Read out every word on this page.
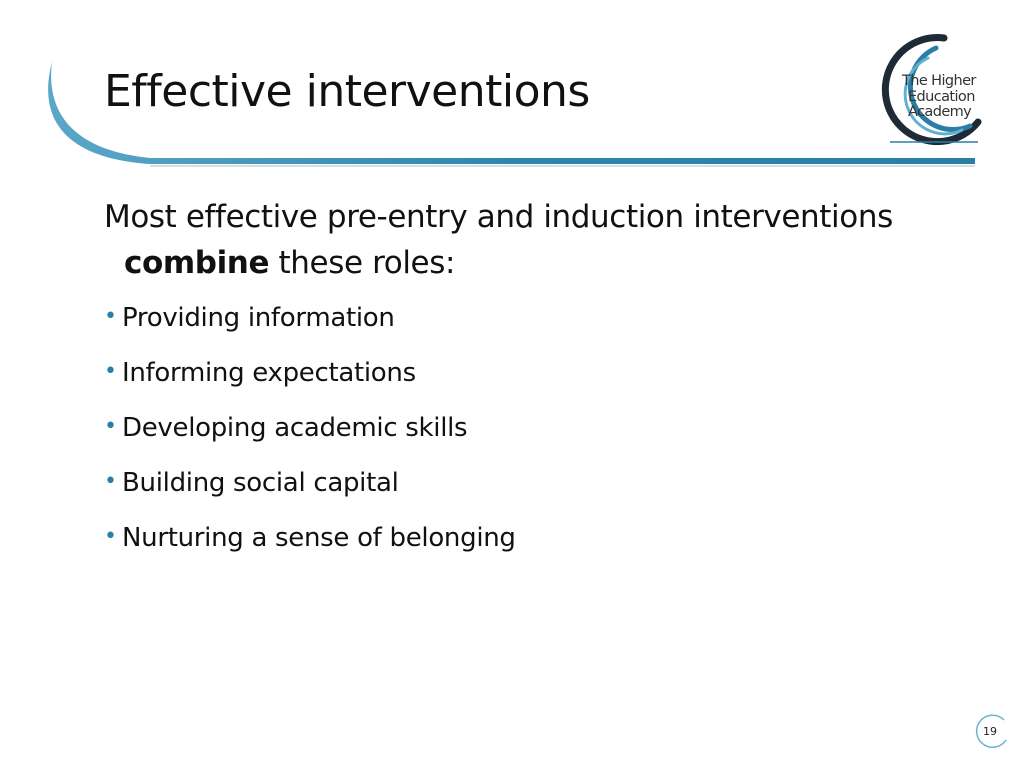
Effective interventions	The Higher
Education
Academy
Most effective pre-entry and induction interventions
combine these roles:
• Providing information
• Informing expectations
• Developing academic skills
• Building social capital
• Nurturing a sense of belonging
19
